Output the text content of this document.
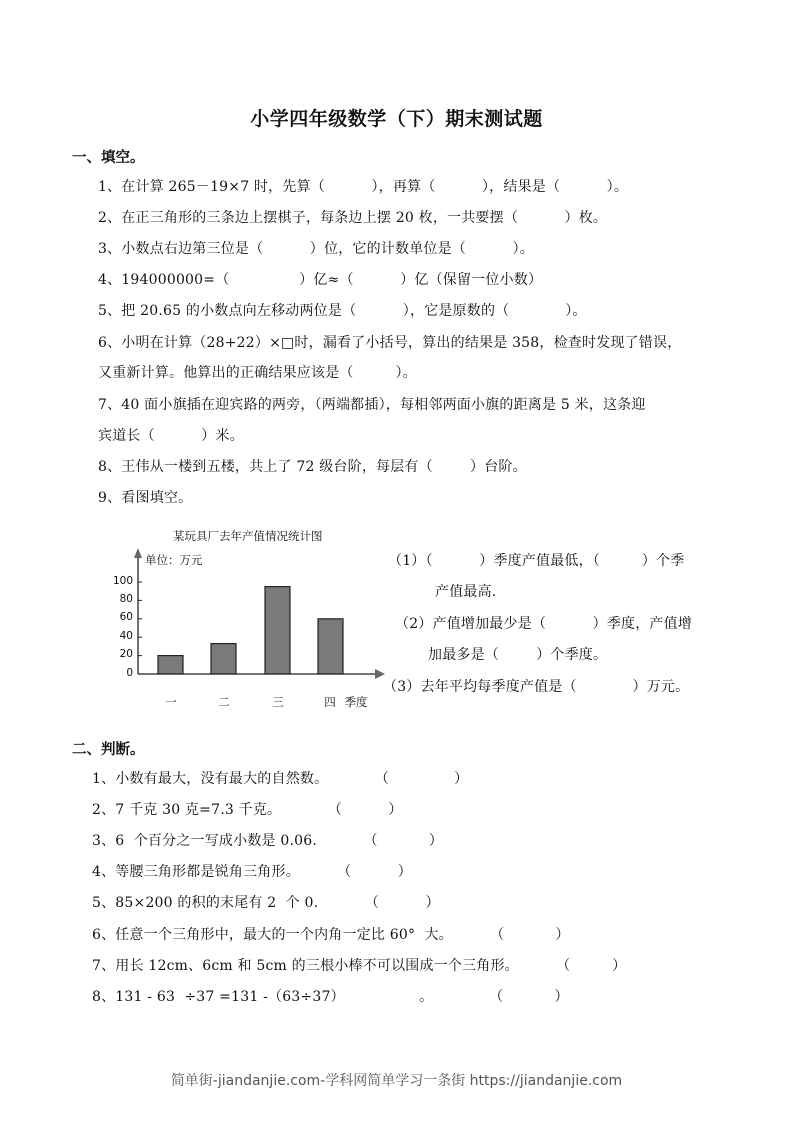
小学四年级数学（下）期末测试题
一、填空。
1、在计算 265－19×7 时，先算（          ），再算（          ），结果是（          ）。
2、在正三角形的三条边上摆棋子，每条边上摆 20 枚，一共要摆（          ）枚。
3、小数点右边第三位是（          ）位，它的计数单位是（          ）。
4、194000000=（               ）亿≈（          ）亿（保留一位小数）
5、把 20.65 的小数点向左移动两位是（          ），它是原数的（            ）。
6、小明在计算（28+22）×□时，漏看了小括号，算出的结果是 358，检查时发现了错误，
又重新计算。他算出的正确结果应该是（         ）。
7、40 面小旗插在迎宾路的两旁，（两端都插），每相邻两面小旗的距离是 5 米，这条迎
宾道长（          ）米。
8、王伟从一楼到五楼，共上了 72 级台阶，每层有（        ）台阶。
9、看图填空。
某玩具厂去年产值情况统计图
单位：万元
100
80
60
40
20
0
一	二	三	四 季度
（1）（          ）季度产值最低，（         ）个季
产值最高.
（2）产值增加最少是（          ）季度，产值增
加最多是（        ）个季度。
（3）去年平均每季度产值是（            ）万元。
二、判断。
1、小数有最大，没有最大的自然数。          （              ）
2、7 千克 30 克=7.3 千克。          （          ）
3、6  个百分之一写成小数是 0.06.          （           ）
4、等腰三角形都是锐角三角形。        （          ）
5、85×200 的积的末尾有 2  个 0.          （          ）
6、任意一个三角形中，最大的一个内角一定比 60°  大。        （           ）
7、用长 12cm、6cm 和 5cm 的三根小棒不可以围成一个三角形。        （         ）
8、131 - 63  ÷37 =131 -（63÷37）                。            （           ）
简单街-jiandanjie.com-学科网简单学习一条街 https://jiandanjie.com
